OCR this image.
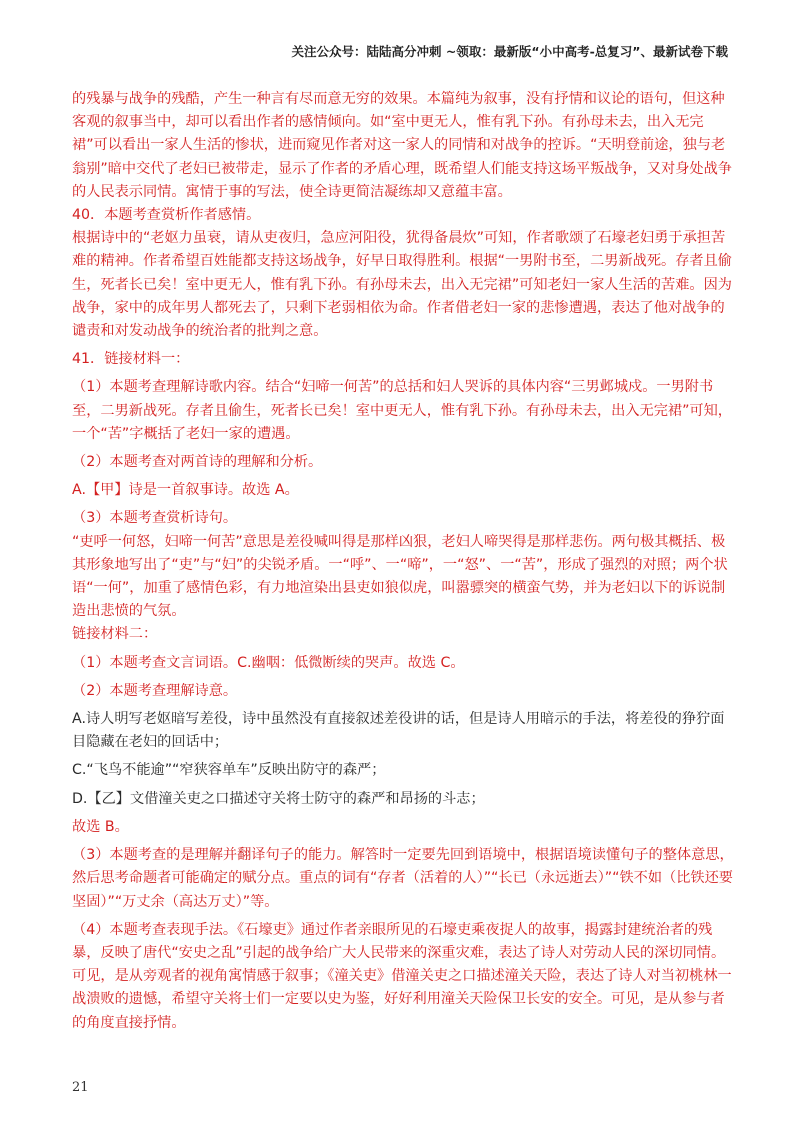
关注公众号：陆陆高分冲刺 ~领取：最新版“小中高考-总复习”、最新试卷下载

的残暴与战争的残酷，产生一种言有尽而意无穷的效果。本篇纯为叙事，没有抒情和议论的语句，但这种客观的叙事当中，却可以看出作者的感情倾向。如“室中更无人，惟有乳下孙。有孙母未去，出入无完裙”可以看出一家人生活的惨状，进而窥见作者对这一家人的同情和对战争的控诉。“天明登前途，独与老翁别”暗中交代了老妇已被带走，显示了作者的矛盾心理，既希望人们能支持这场平叛战争，又对身处战争的人民表示同情。寓情于事的写法，使全诗更简洁凝练却又意蕴丰富。

40．本题考查赏析作者感情。

根据诗中的“老妪力虽衰，请从吏夜归，急应河阳役，犹得备晨炊”可知，作者歌颂了石壕老妇勇于承担苦难的精神。作者希望百姓能都支持这场战争，好早日取得胜利。根据“一男附书至，二男新战死。存者且偷生，死者长已矣！室中更无人，惟有乳下孙。有孙母未去，出入无完裙”可知老妇一家人生活的苦难。因为战争，家中的成年男人都死去了，只剩下老弱相依为命。作者借老妇一家的悲惨遭遇，表达了他对战争的谴责和对发动战争的统治者的批判之意。

41．链接材料一：

（1）本题考查理解诗歌内容。结合“妇啼一何苦”的总括和妇人哭诉的具体内容“三男邺城戍。一男附书至，二男新战死。存者且偷生，死者长已矣！室中更无人，惟有乳下孙。有孙母未去，出入无完裙”可知，一个“苦”字概括了老妇一家的遭遇。

（2）本题考查对两首诗的理解和分析。

A.【甲】诗是一首叙事诗。故选 A。

（3）本题考查赏析诗句。

“吏呼一何怒，妇啼一何苦”意思是差役喊叫得是那样凶狠，老妇人啼哭得是那样悲伤。两句极其概括、极其形象地写出了“吏”与“妇”的尖锐矛盾。一“呼”、一“啼”，一“怒”、一“苦”，形成了强烈的对照；两个状语“一何”，加重了感情色彩，有力地渲染出县吏如狼似虎，叫嚣骠突的横蛮气势，并为老妇以下的诉说制造出悲愤的气氛。

链接材料二：

（1）本题考查文言词语。C.幽咽：低微断续的哭声。故选 C。

（2）本题考查理解诗意。

A.诗人明写老妪暗写差役，诗中虽然没有直接叙述差役讲的话，但是诗人用暗示的手法，将差役的狰狞面目隐藏在老妇的回话中；

C.“飞鸟不能逾”“窄狭容单车”反映出防守的森严；

D.【乙】文借潼关吏之口描述守关将士防守的森严和昂扬的斗志；

故选 B。

（3）本题考查的是理解并翻译句子的能力。解答时一定要先回到语境中，根据语境读懂句子的整体意思，然后思考命题者可能确定的赋分点。重点的词有“存者（活着的人）”“长已（永远逝去）”“铁不如（比铁还要坚固）”“万丈余（高达万丈）”等。

（4）本题考查表现手法。《石壕吏》通过作者亲眼所见的石壕吏乘夜捉人的故事，揭露封建统治者的残暴，反映了唐代“安史之乱”引起的战争给广大人民带来的深重灾难，表达了诗人对劳动人民的深切同情。可见，是从旁观者的视角寓情感于叙事；《潼关吏》借潼关吏之口描述潼关天险，表达了诗人对当初桃林一战溃败的遗憾，希望守关将士们一定要以史为鉴，好好利用潼关天险保卫长安的安全。可见，是从参与者的角度直接抒情。

21
